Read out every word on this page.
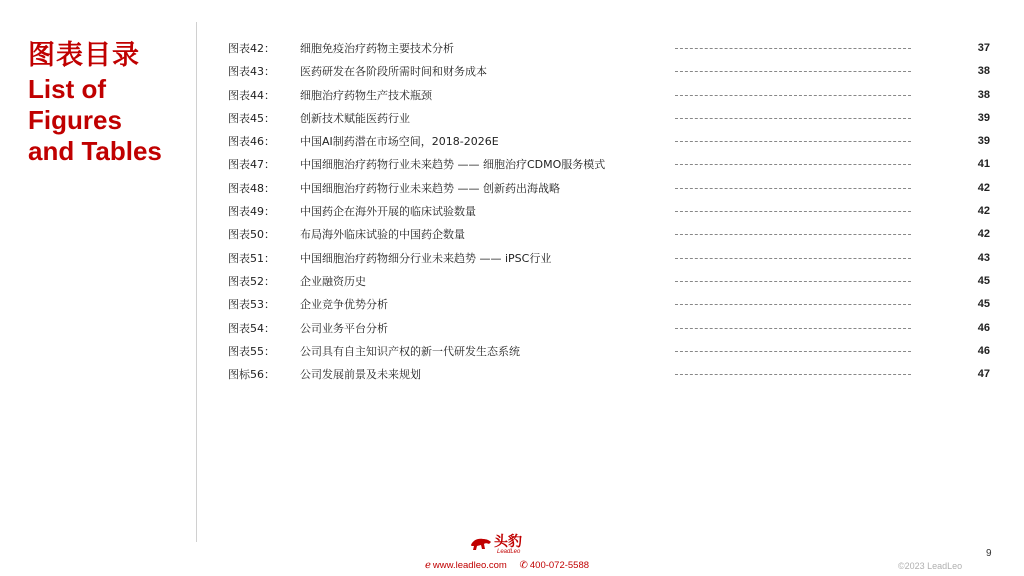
图表目录
List of
Figures
and Tables
图表42：	细胞免疫治疗药物主要技术分析	37
图表43：	医药研发在各阶段所需时间和财务成本	38
图表44：	细胞治疗药物生产技术瓶颈	38
图表45：	创新技术赋能医药行业	39
图表46：	中国AI制药潜在市场空间，2018-2026E	39
图表47：	中国细胞治疗药物行业未来趋势 —— 细胞治疗CDMO服务模式	41
图表48：	中国细胞治疗药物行业未来趋势 —— 创新药出海战略	42
图表49：	中国药企在海外开展的临床试验数量	42
图表50：	布局海外临床试验的中国药企数量	42
图表51：	中国细胞治疗药物细分行业未来趋势 —— iPSC行业	43
图表52：	企业融资历史	45
图表53：	企业竞争优势分析	45
图表54：	公司业务平台分析	46
图表55：	公司具有自主知识产权的新一代研发生态系统	46
图标56：	公司发展前景及未来规划	47
头豹
LeadLeo
ℯ www.leadleo.com ✆ 400-072-5588
9
©2023 LeadLeo
